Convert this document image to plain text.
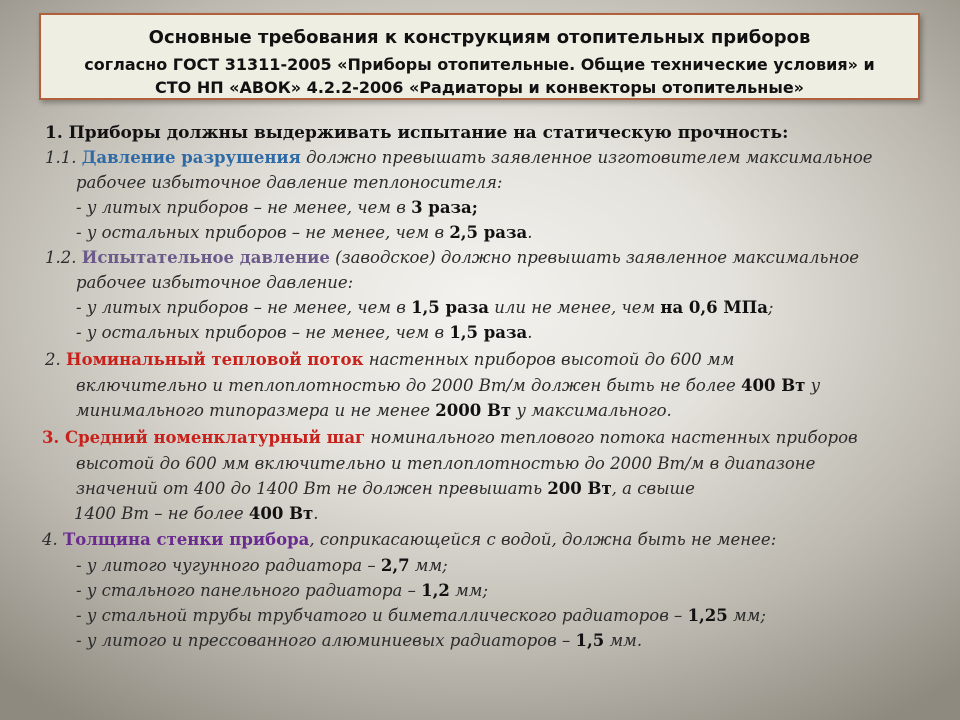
Основные требования к конструкциям отопительных приборов
согласно ГОСТ 31311-2005 «Приборы отопительные. Общие технические условия» и
СТО НП «АВОК» 4.2.2-2006 «Радиаторы и конвекторы отопительные»
1. Приборы должны выдерживать испытание на статическую прочность:
1.1. Давление разрушения должно превышать заявленное изготовителем максимальное
рабочее избыточное давление теплоносителя:
- у литых приборов – не менее, чем в 3 раза;
- у остальных приборов – не менее, чем в 2,5 раза.
1.2. Испытательное давление (заводское) должно превышать заявленное максимальное
рабочее избыточное давление:
- у литых приборов – не менее, чем в 1,5 раза или не менее, чем на 0,6 МПа;
- у остальных приборов – не менее, чем в 1,5 раза.
2. Номинальный тепловой поток настенных приборов высотой до 600 мм
включительно и теплоплотностью до 2000 Вт/м должен быть не более 400 Вт у
минимального типоразмера и не менее 2000 Вт у максимального.
3. Средний номенклатурный шаг номинального теплового потока настенных приборов
высотой до 600 мм включительно и теплоплотностью до 2000 Вт/м в диапазоне
значений от 400 до 1400 Вт не должен превышать 200 Вт, а свыше
1400 Вт – не более 400 Вт.
4. Толщина стенки прибора, соприкасающейся с водой, должна быть не менее:
- у литого чугунного радиатора – 2,7 мм;
- у стального панельного радиатора – 1,2 мм;
- у стальной трубы трубчатого и биметаллического радиаторов – 1,25 мм;
- у литого и прессованного алюминиевых радиаторов – 1,5 мм.
